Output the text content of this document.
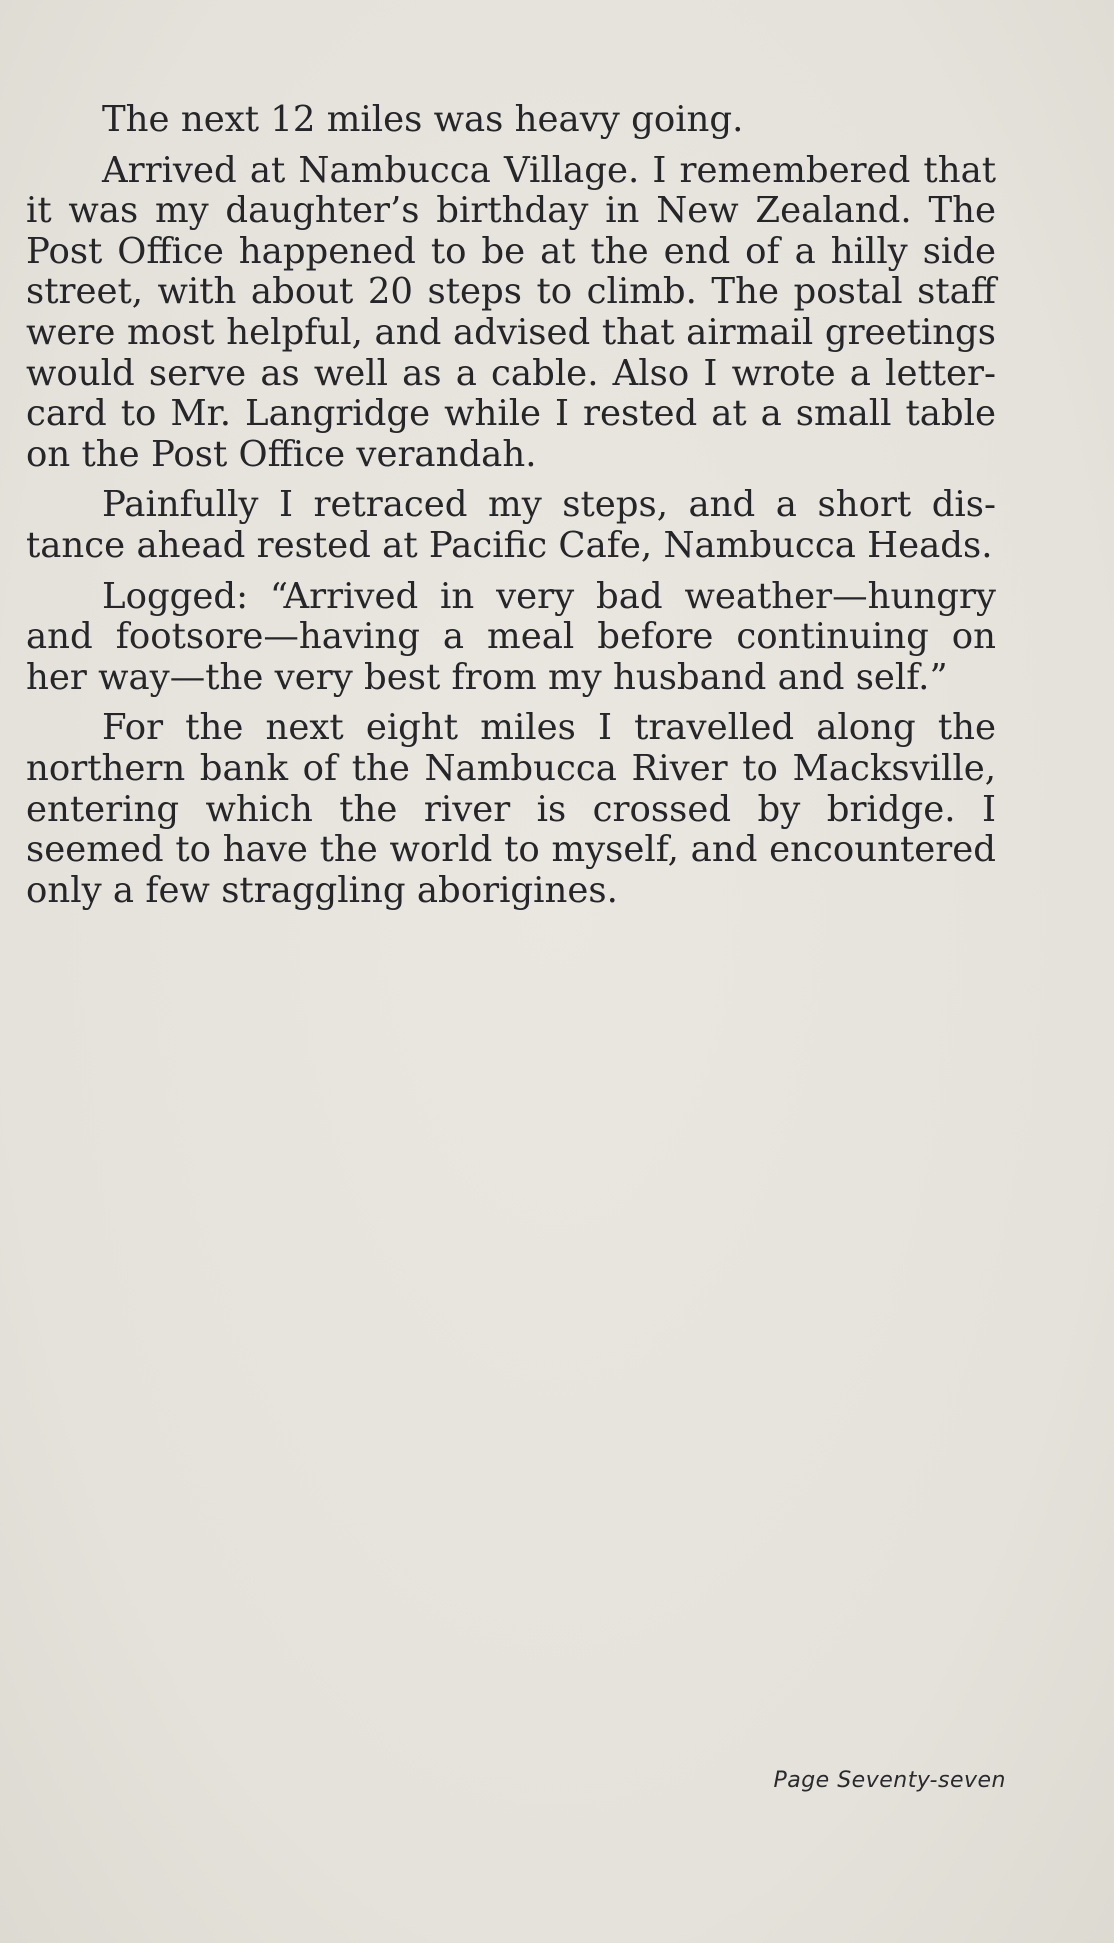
The next 12 miles was heavy going.

Arrived at Nambucca Village. I remembered that it was my daughter’s birthday in New Zealand. The Post Office happened to be at the end of a hilly side street, with about 20 steps to climb. The postal staff were most helpful, and advised that airmail greetings would serve as well as a cable. Also I wrote a letter-card to Mr. Langridge while I rested at a small table on the Post Office verandah.

Painfully I retraced my steps, and a short dis-tance ahead rested at Pacific Cafe, Nambucca Heads.

Logged: “Arrived in very bad weather—hungry and footsore—having a meal before continuing on her way—the very best from my husband and self.”

For the next eight miles I travelled along the northern bank of the Nambucca River to Macksville, entering which the river is crossed by bridge. I seemed to have the world to myself, and encountered only a few straggling aborigines.

Page Seventy-seven
